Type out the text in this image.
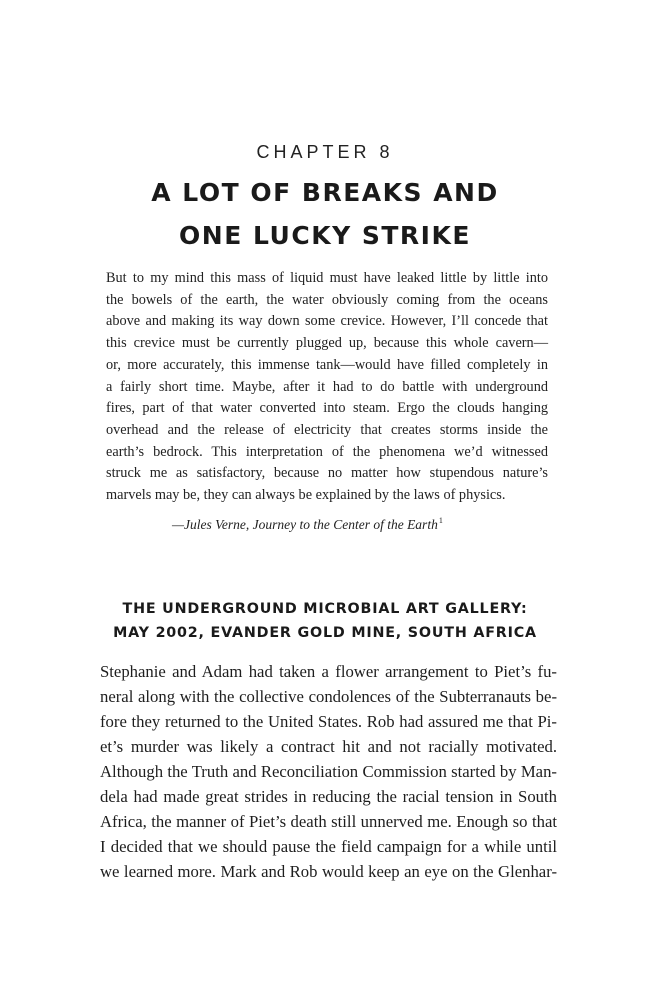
CHAPTER 8
A LOT OF BREAKS AND
ONE LUCKY STRIKE
But to my mind this mass of liquid must have leaked little by little into
the bowels of the earth, the water obviously coming from the oceans
above and making its way down some crevice. However, I’ll concede that
this crevice must be currently plugged up, because this whole cavern—
or, more accurately, this immense tank—would have filled completely in
a fairly short time. Maybe, after it had to do battle with underground
fires, part of that water converted into steam. Ergo the clouds hanging
overhead and the release of electricity that creates storms inside the
earth’s bedrock. This interpretation of the phenomena we’d witnessed
struck me as satisfactory, because no matter how stupendous nature’s
marvels may be, they can always be explained by the laws of physics.
—Jules Verne, Journey to the Center of the Earth$^1$
THE UNDERGROUND MICROBIAL ART GALLERY:
MAY 2002, EVANDER GOLD MINE, SOUTH AFRICA
Stephanie and Adam had taken a flower arrangement to Piet’s fu-
neral along with the collective condolences of the Subterranauts be-
fore they returned to the United States. Rob had assured me that Pi-
et’s murder was likely a contract hit and not racially motivated.
Although the Truth and Reconciliation Commission started by Man-
dela had made great strides in reducing the racial tension in South
Africa, the manner of Piet’s death still unnerved me. Enough so that
I decided that we should pause the field campaign for a while until
we learned more. Mark and Rob would keep an eye on the Glenhar-
